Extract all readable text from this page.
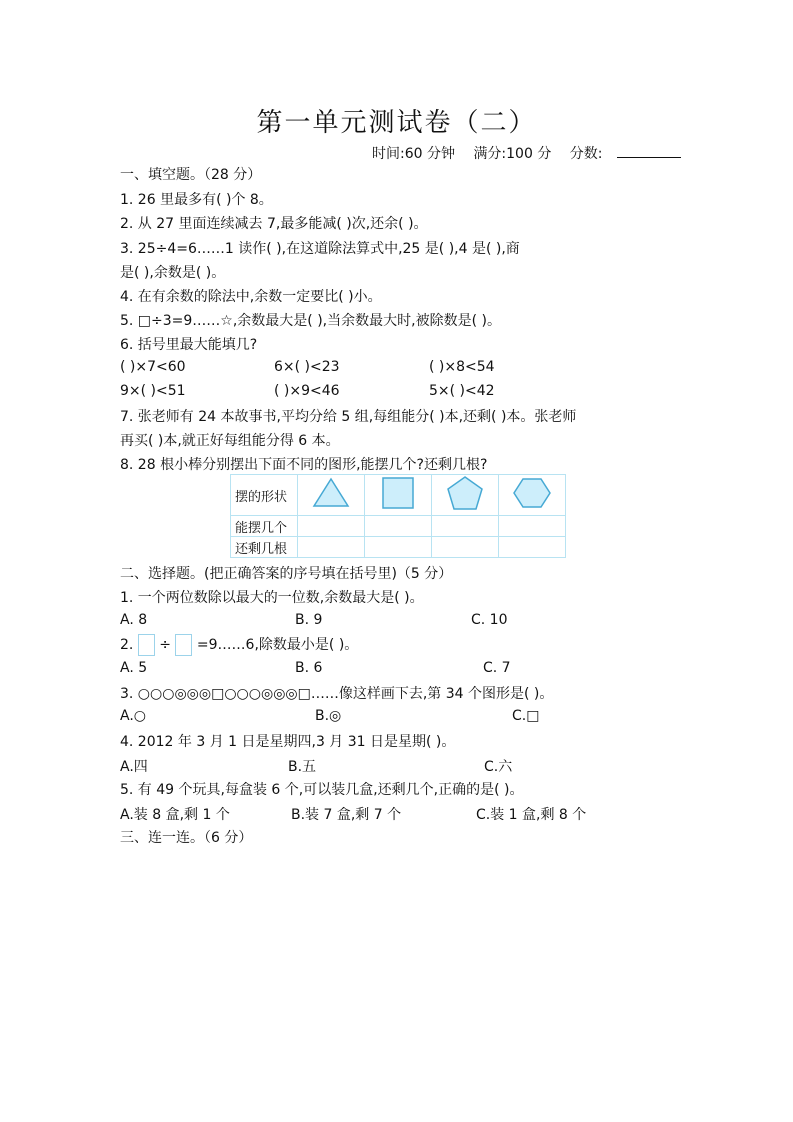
第一单元测试卷（二）
时间:60 分钟 满分:100 分 分数:
一、填空题。（28 分）
1. 26 里最多有( )个 8。
2. 从 27 里面连续减去 7,最多能减( )次,还余( )。
3. 25÷4=6……1 读作( ),在这道除法算式中,25 是( ),4 是( ),商
是( ),余数是( )。
4. 在有余数的除法中,余数一定要比( )小。
5. □÷3=9……☆,余数最大是( ),当余数最大时,被除数是( )。
6. 括号里最大能填几?
( )×7<60	6×( )<23	( )×8<54
9×( )<51	( )×9<46	5×( )<42
7. 张老师有 24 本故事书,平均分给 5 组,每组能分( )本,还剩( )本。张老师
再买( )本,就正好每组能分得 6 本。
8. 28 根小棒分别摆出下面不同的图形,能摆几个?还剩几根?
摆的形状				
能摆几个				
还剩几根				
二、选择题。(把正确答案的序号填在括号里)（5 分）
1. 一个两位数除以最大的一位数,余数最大是( )。
A. 8	B. 9	C. 10
2. ÷ =9……6,除数最小是( )。
A. 5	B. 6	C. 7
3. ○○○◎◎◎□○○○◎◎◎□……像这样画下去,第 34 个图形是( )。
A.○	B.◎	C.□
4. 2012 年 3 月 1 日是星期四,3 月 31 日是星期( )。
A.四	B.五	C.六
5. 有 49 个玩具,每盒装 6 个,可以装几盒,还剩几个,正确的是( )。
A.装 8 盒,剩 1 个	B.装 7 盒,剩 7 个	C.装 1 盒,剩 8 个
三、连一连。（6 分）
